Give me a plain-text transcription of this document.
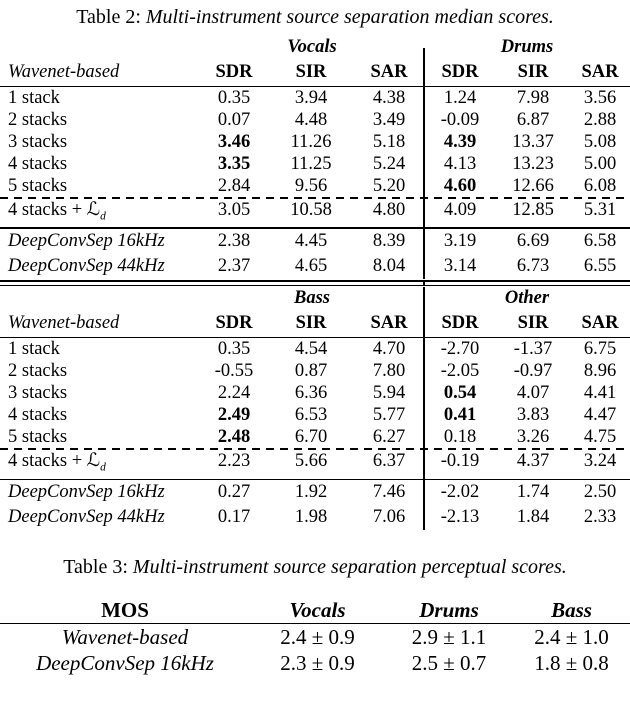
Table 2: Multi-instrument source separation median scores.
Vocals	Drums
Wavenet-based	SDR	SIR	SAR	SDR	SIR	SAR
1 stack	0.35	3.94	4.38	1.24	7.98	3.56
2 stacks	0.07	4.48	3.49	-0.09	6.87	2.88
3 stacks	3.46	11.26	5.18	4.39	13.37	5.08
4 stacks	3.35	11.25	5.24	4.13	13.23	5.00
5 stacks	2.84	9.56	5.20	4.60	12.66	6.08
4 stacks + ℒ$_d$	3.05	10.58	4.80	4.09	12.85	5.31
DeepConvSep 16kHz	2.38	4.45	8.39	3.19	6.69	6.58
DeepConvSep 44kHz	2.37	4.65	8.04	3.14	6.73	6.55
Bass	Other
Wavenet-based	SDR	SIR	SAR	SDR	SIR	SAR
1 stack	0.35	4.54	4.70	-2.70	-1.37	6.75
2 stacks	-0.55	0.87	7.80	-2.05	-0.97	8.96
3 stacks	2.24	6.36	5.94	0.54	4.07	4.41
4 stacks	2.49	6.53	5.77	0.41	3.83	4.47
5 stacks	2.48	6.70	6.27	0.18	3.26	4.75
4 stacks + ℒ$_d$	2.23	5.66	6.37	-0.19	4.37	3.24
DeepConvSep 16kHz	0.27	1.92	7.46	-2.02	1.74	2.50
DeepConvSep 44kHz	0.17	1.98	7.06	-2.13	1.84	2.33
Table 3: Multi-instrument source separation perceptual scores.
MOS	Vocals	Drums	Bass
Wavenet-based	2.4 ± 0.9	2.9 ± 1.1	2.4 ± 1.0
DeepConvSep 16kHz	2.3 ± 0.9	2.5 ± 0.7	1.8 ± 0.8
